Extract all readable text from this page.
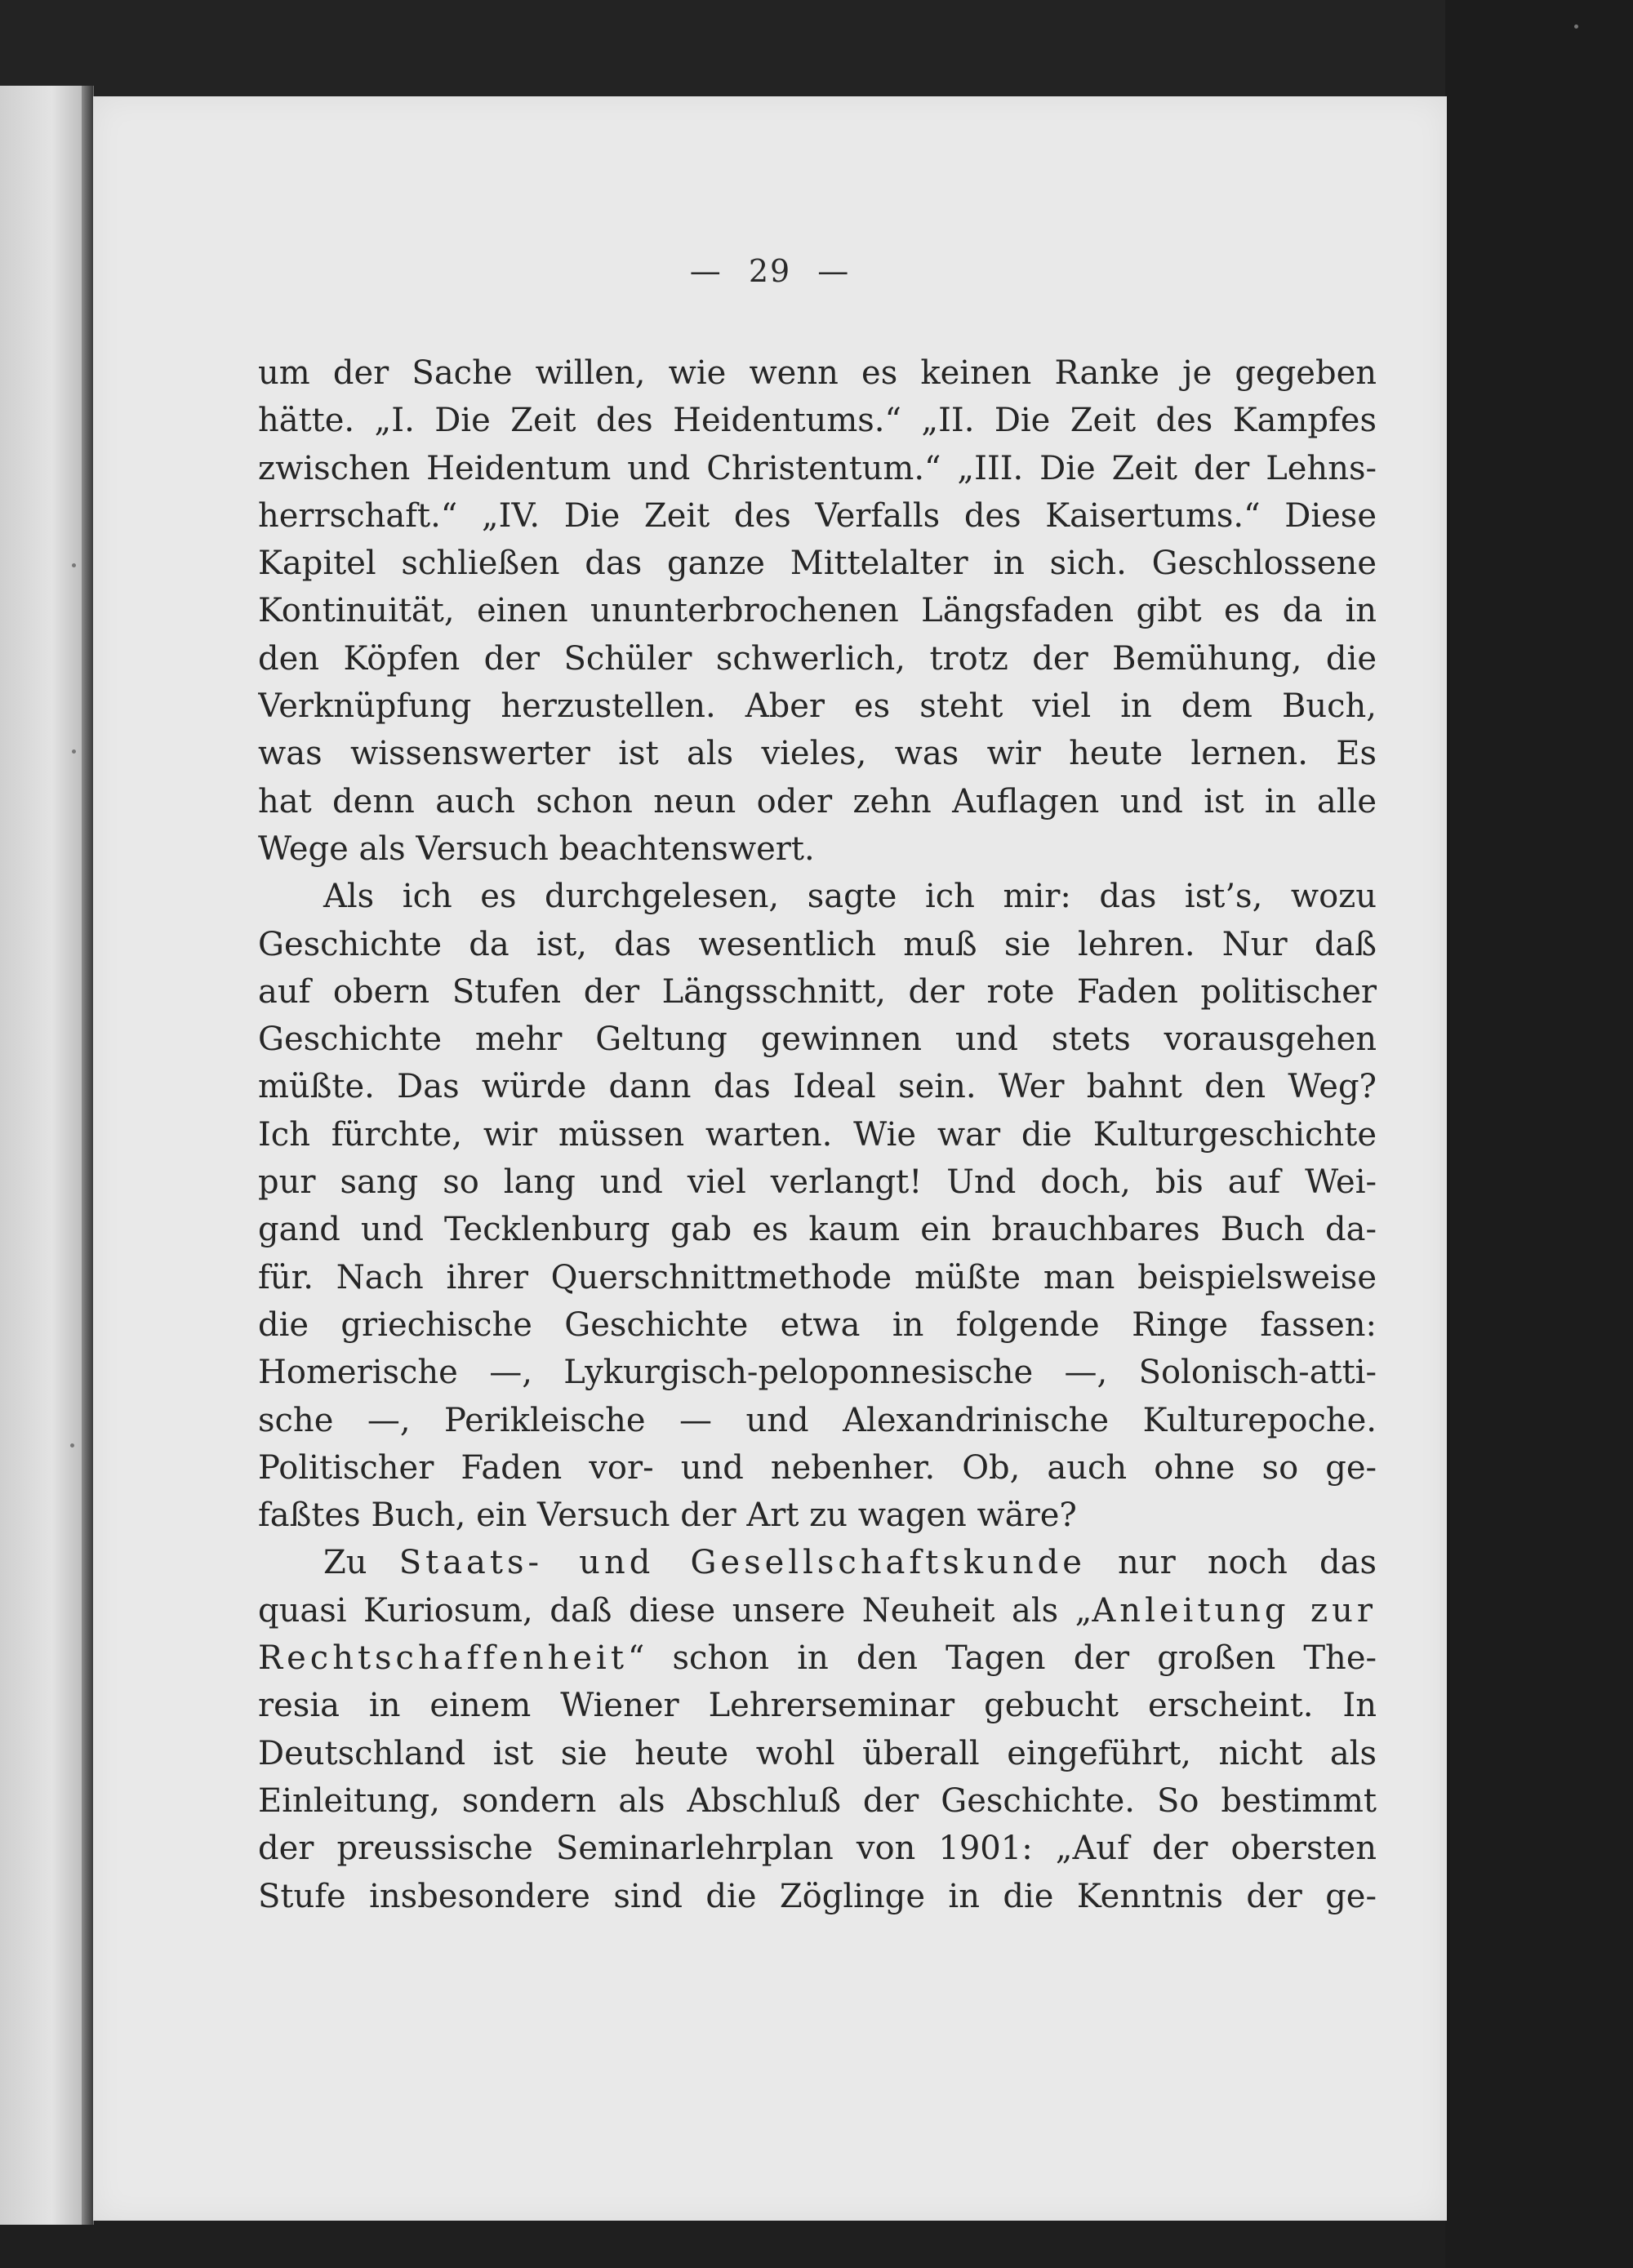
— 29 —
um der Sache willen, wie wenn es keinen Ranke je gegeben
hätte. „I. Die Zeit des Heidentums.“ „II. Die Zeit des Kampfes
zwischen Heidentum und Christentum.“ „III. Die Zeit der Lehns-
herrschaft.“ „IV. Die Zeit des Verfalls des Kaisertums.“ Diese
Kapitel schließen das ganze Mittelalter in sich. Geschlossene
Kontinuität, einen ununterbrochenen Längsfaden gibt es da in
den Köpfen der Schüler schwerlich, trotz der Bemühung, die
Verknüpfung herzustellen. Aber es steht viel in dem Buch,
was wissenswerter ist als vieles, was wir heute lernen. Es
hat denn auch schon neun oder zehn Auflagen und ist in alle
Wege als Versuch beachtenswert.
Als ich es durchgelesen, sagte ich mir: das ist’s, wozu
Geschichte da ist, das wesentlich muß sie lehren. Nur daß
auf obern Stufen der Längsschnitt, der rote Faden politischer
Geschichte mehr Geltung gewinnen und stets vorausgehen
müßte. Das würde dann das Ideal sein. Wer bahnt den Weg?
Ich fürchte, wir müssen warten. Wie war die Kulturgeschichte
pur sang so lang und viel verlangt! Und doch, bis auf Wei-
gand und Tecklenburg gab es kaum ein brauchbares Buch da-
für. Nach ihrer Querschnittmethode müßte man beispielsweise
die griechische Geschichte etwa in folgende Ringe fassen:
Homerische —, Lykurgisch-peloponnesische —, Solonisch-atti-
sche —, Perikleische — und Alexandrinische Kulturepoche.
Politischer Faden vor- und nebenher. Ob, auch ohne so ge-
faßtes Buch, ein Versuch der Art zu wagen wäre?
Zu Staats- und Gesellschaftskunde nur noch das
quasi Kuriosum, daß diese unsere Neuheit als „Anleitung zur
Rechtschaffenheit“ schon in den Tagen der großen The-
resia in einem Wiener Lehrerseminar gebucht erscheint. In
Deutschland ist sie heute wohl überall eingeführt, nicht als
Einleitung, sondern als Abschluß der Geschichte. So bestimmt
der preussische Seminarlehrplan von 1901: „Auf der obersten
Stufe insbesondere sind die Zöglinge in die Kenntnis der ge-
